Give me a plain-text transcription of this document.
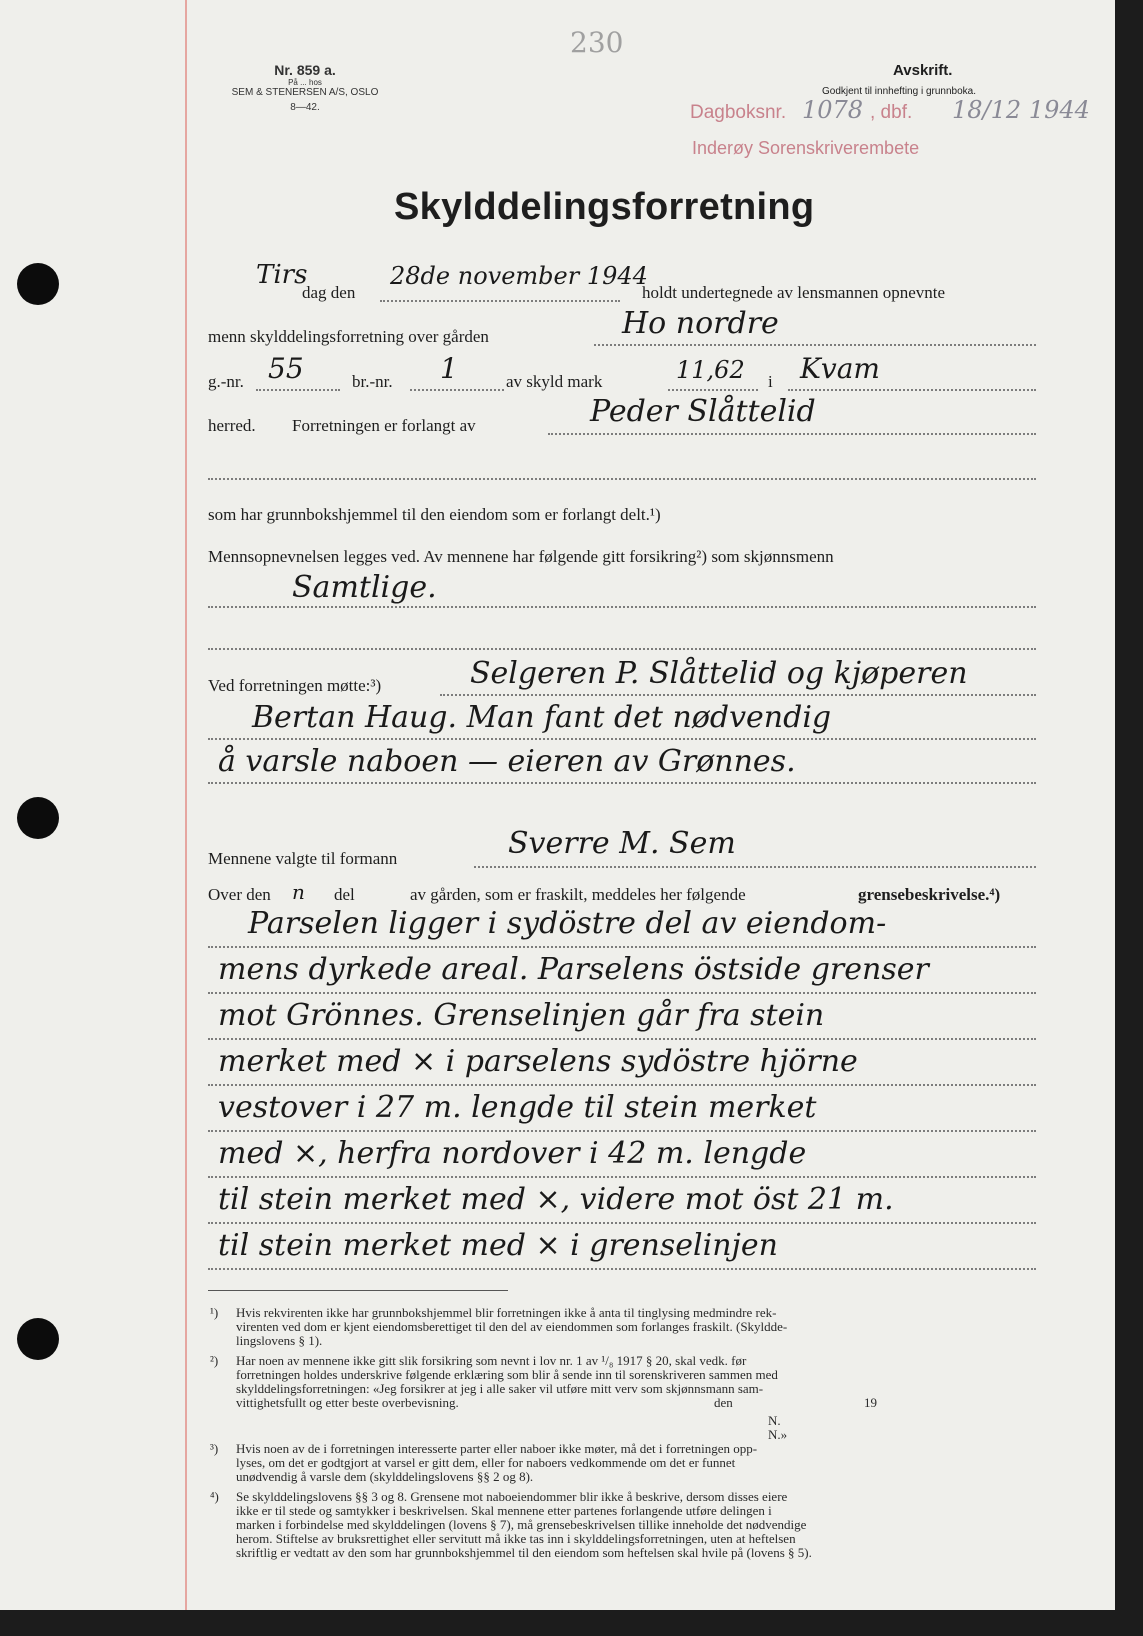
230
Nr. 859 a.
På ... hos
SEM & STENERSEN A/S, OSLO
8—42.
Avskrift.
Godkjent til innhefting i grunnboka.
Dagboksnr. 1078 , dbf. 18/12 1944
Inderøy Sorenskriverembete
Skylddelingsforretning
Tirs
dag den
28de november 1944
holdt undertegnede av lensmannen opnevnte
menn skylddelingsforretning over gården	Ho nordre
g.-nr. 55	br.-nr. 1	av skyld mark	11,62 i Kvam
herred. Forretningen er forlangt av	Peder Slåttelid
som har grunnbokshjemmel til den eiendom som er forlangt delt.¹)
Mennsopnevnelsen legges ved. Av mennene har følgende gitt forsikring²) som skjønnsmenn
Samtlige.
Ved forretningen møtte:³)	Selgeren P. Slåttelid og kjøperen
Bertan Haug. Man fant det nødvendig
å varsle naboen — eieren av Grønnes.
Mennene valgte til formann	Sverre M. Sem
Over den n del	av gården, som er fraskilt, meddeles her følgende	grensebeskrivelse.⁴)
Parselen ligger i sydöstre del av eiendom-
mens dyrkede areal. Parselens östside grenser
mot Grönnes. Grenselinjen går fra stein
merket med × i parselens sydöstre hjörne
vestover i 27 m. lengde til stein merket
med ×, herfra nordover i 42 m. lengde
til stein merket med ×, videre mot öst 21 m.
til stein merket med × i grenselinjen
¹) Hvis rekvirenten ikke har grunnbokshjemmel blir forretningen ikke å anta til tinglysing medmindre rek-

virenten ved dom er kjent eiendomsberettiget til den del av eiendommen som forlanges fraskilt. (Skyldde-

lingslovens § 1).

²) Har noen av mennene ikke gitt slik forsikring som nevnt i lov nr. 1 av ¹/₈ 1917 § 20, skal vedk. før

forretningen holdes underskrive følgende erklæring som blir å sende inn til sorenskriveren sammen med

skylddelingsforretningen: «Jeg forsikrer at jeg i alle saker vil utføre mitt verv som skjønnsmann sam-

vittighetsfullt og etter beste overbevisning.	den	19
N. N.»
³) Hvis noen av de i forretningen interesserte parter eller naboer ikke møter, må det i forretningen opp-

lyses, om det er godtgjort at varsel er gitt dem, eller for naboers vedkommende om det er funnet

unødvendig å varsle dem (skylddelingslovens §§ 2 og 8).

⁴) Se skylddelingslovens §§ 3 og 8. Grensene mot naboeiendommer blir ikke å beskrive, dersom disses eiere

ikke er til stede og samtykker i beskrivelsen. Skal mennene etter partenes forlangende utføre delingen i

marken i forbindelse med skylddelingen (lovens § 7), må grensebeskrivelsen tillike inneholde det nødvendige

herom. Stiftelse av bruksrettighet eller servitutt må ikke tas inn i skylddelingsforretningen, uten at heftelsen

skriftlig er vedtatt av den som har grunnbokshjemmel til den eiendom som heftelsen skal hvile på (lovens § 5).
